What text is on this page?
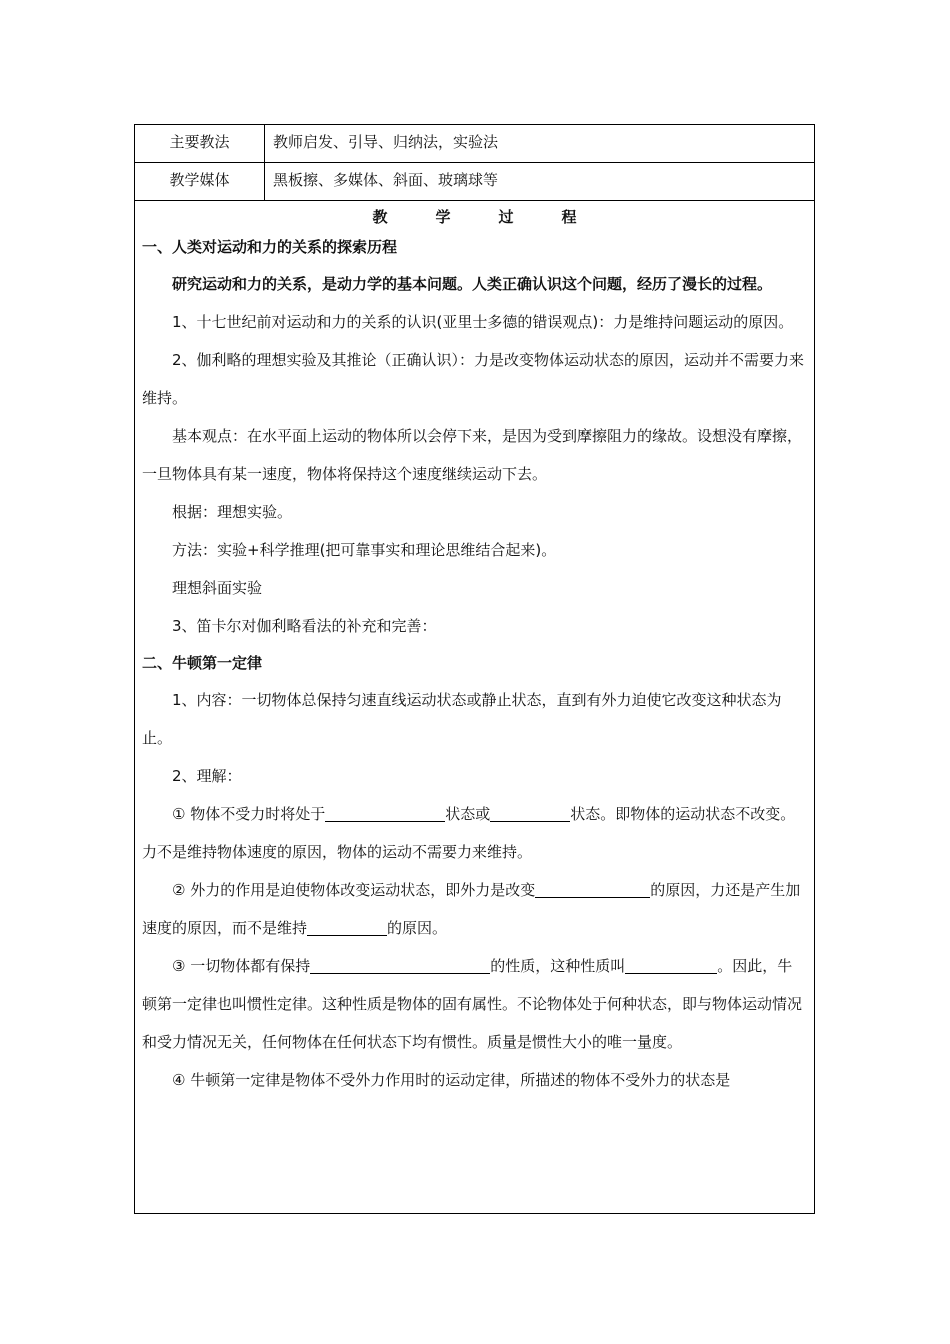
主要教法	教师启发、引导、归纳法，实验法
教学媒体	黑板擦、多媒体、斜面、玻璃球等
教	学	过	程

一、人类对运动和力的关系的探索历程

研究运动和力的关系，是动力学的基本问题。人类正确认识这个问题，经历了漫长的过程。

1、十七世纪前对运动和力的关系的认识(亚里士多德的错误观点)：力是维持问题运动的原因。

2、伽利略的理想实验及其推论（正确认识）：力是改变物体运动状态的原因，运动并不需要力来维持。

基本观点：在水平面上运动的物体所以会停下来，是因为受到摩擦阻力的缘故。设想没有摩擦，一旦物体具有某一速度，物体将保持这个速度继续运动下去。

根据：理想实验。

方法：实验+科学推理(把可靠事实和理论思维结合起来)。

理想斜面实验

3、笛卡尔对伽利略看法的补充和完善：

二、牛顿第一定律

1、内容：一切物体总保持匀速直线运动状态或静止状态，直到有外力迫使它改变这种状态为止。

2、理解：

① 物体不受力时将处于	状态或	状态。即物体的运动状态不改变。力不是维持物体速度的原因，物体的运动不需要力来维持。

② 外力的作用是迫使物体改变运动状态，即外力是改变	的原因，力还是产生加速度的原因，而不是维持	的原因。

③ 一切物体都有保持	的性质，这种性质叫	。因此，牛顿第一定律也叫惯性定律。这种性质是物体的固有属性。不论物体处于何种状态，即与物体运动情况和受力情况无关，任何物体在任何状态下均有惯性。质量是惯性大小的唯一量度。

④ 牛顿第一定律是物体不受外力作用时的运动定律，所描述的物体不受外力的状态是
